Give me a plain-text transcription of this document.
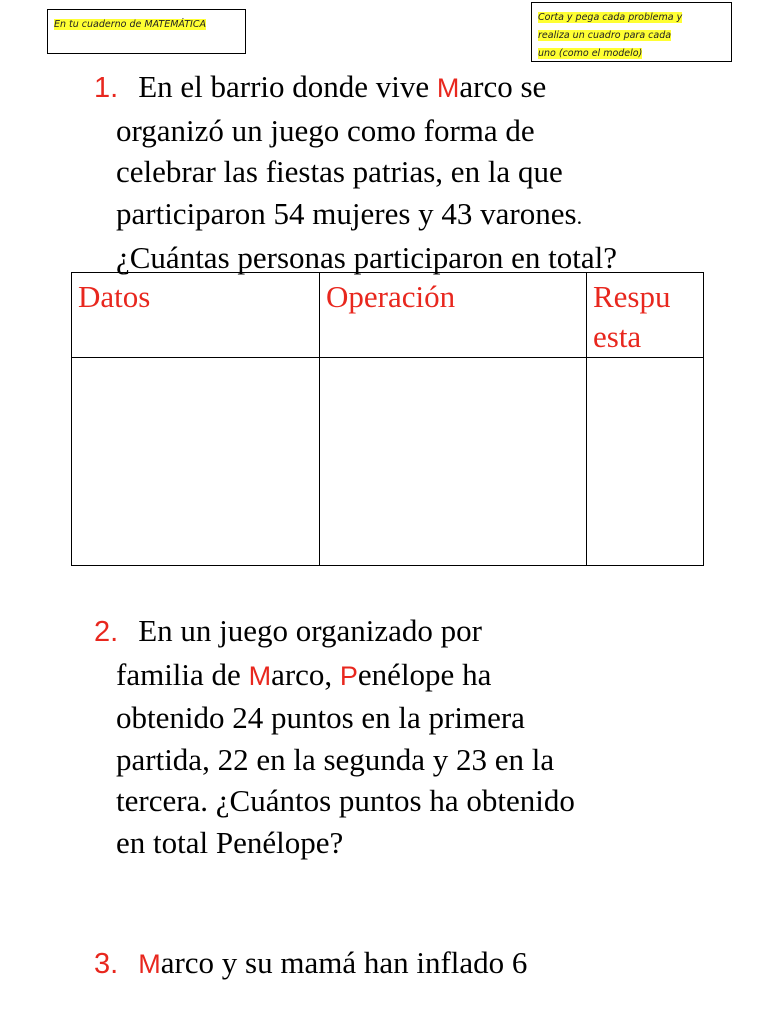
En tu cuaderno de MATEMÁTICA
Corta y pega cada problema y
realiza un cuadro para cada
uno (como el modelo)
1. En el barrio donde vive Marco se
organizó un juego como forma de
celebrar las fiestas patrias, en la que
participaron 54 mujeres y 43 varones.
¿Cuántas personas participaron en total?
Datos	Operación	Respu
esta

2. En un juego organizado por
familia de Marco, Penélope ha
obtenido 24 puntos en la primera
partida, 22 en la segunda y 23 en la
tercera. ¿Cuántos puntos ha obtenido
en total Penélope?
3. Marco y su mamá han inflado 6
